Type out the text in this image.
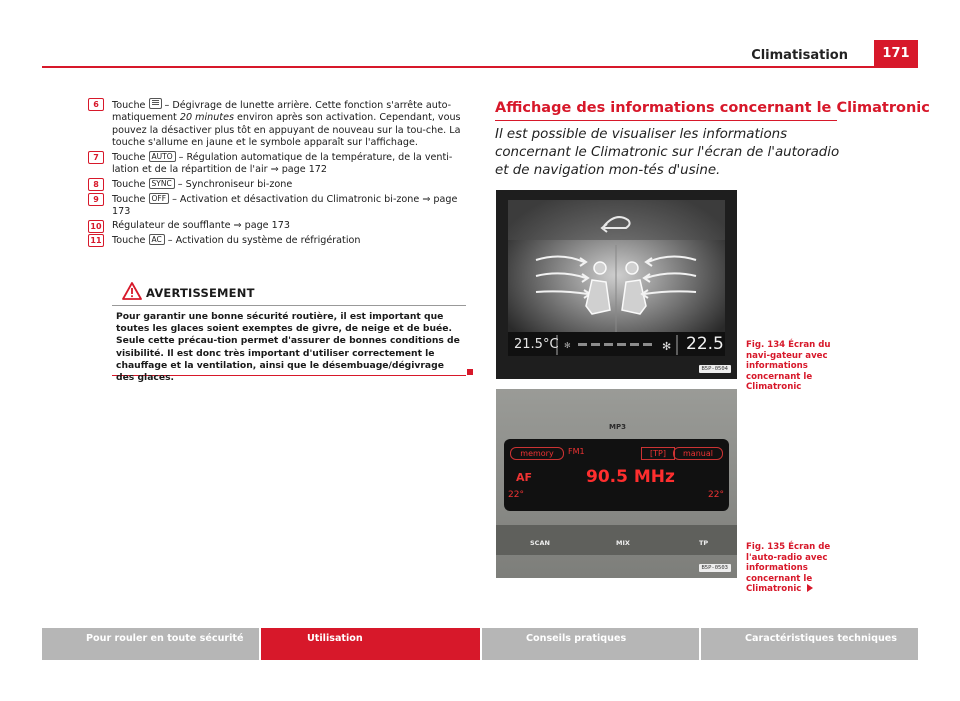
Climatisation	171
6	Touche  – Dégivrage de lunette arrière. Cette fonction s'arrête auto-matiquement 20 minutes environ après son activation. Cependant, vous pouvez la désactiver plus tôt en appuyant de nouveau sur la tou-che. La touche s'allume en jaune et le symbole apparaît sur l'affichage.
7	Touche AUTO – Régulation automatique de la température, de la venti-lation et de la répartition de l'air ⇒ page 172
8	Touche SYNC – Synchroniseur bi-zone
9	Touche OFF – Activation et désactivation du Climatronic bi-zone ⇒ page 173
10 Régulateur de soufflante ⇒ page 173
11 Touche AC – Activation du système de réfrigération
AVERTISSEMENT
Pour garantir une bonne sécurité routière, il est important que toutes les glaces soient exemptes de givre, de neige et de buée. Seule cette précau-tion permet d'assurer de bonnes conditions de visibilité. Il est donc très important d'utiliser correctement le chauffage et la ventilation, ainsi que le désembuage/dégivrage des glaces.
Affichage des informations concernant le Climatronic
Il est possible de visualiser les informations concernant le Climatronic sur l'écran de l'autoradio et de navigation mon-tés d'usine.
✻	✻
21.5°C	22.5
B5P-0504
Fig. 134 Écran du navi-gateur avec informations concernant le Climatronic
MP3
memory	FM1	[TP]	manual
AF	90.5 MHz
22°	22°
SCAN	MIX	TP
B5P-0503
Fig. 135 Écran de l'auto-radio avec informations concernant le Climatronic
Pour rouler en toute sécurité	Utilisation	Conseils pratiques	Caractéristiques techniques
